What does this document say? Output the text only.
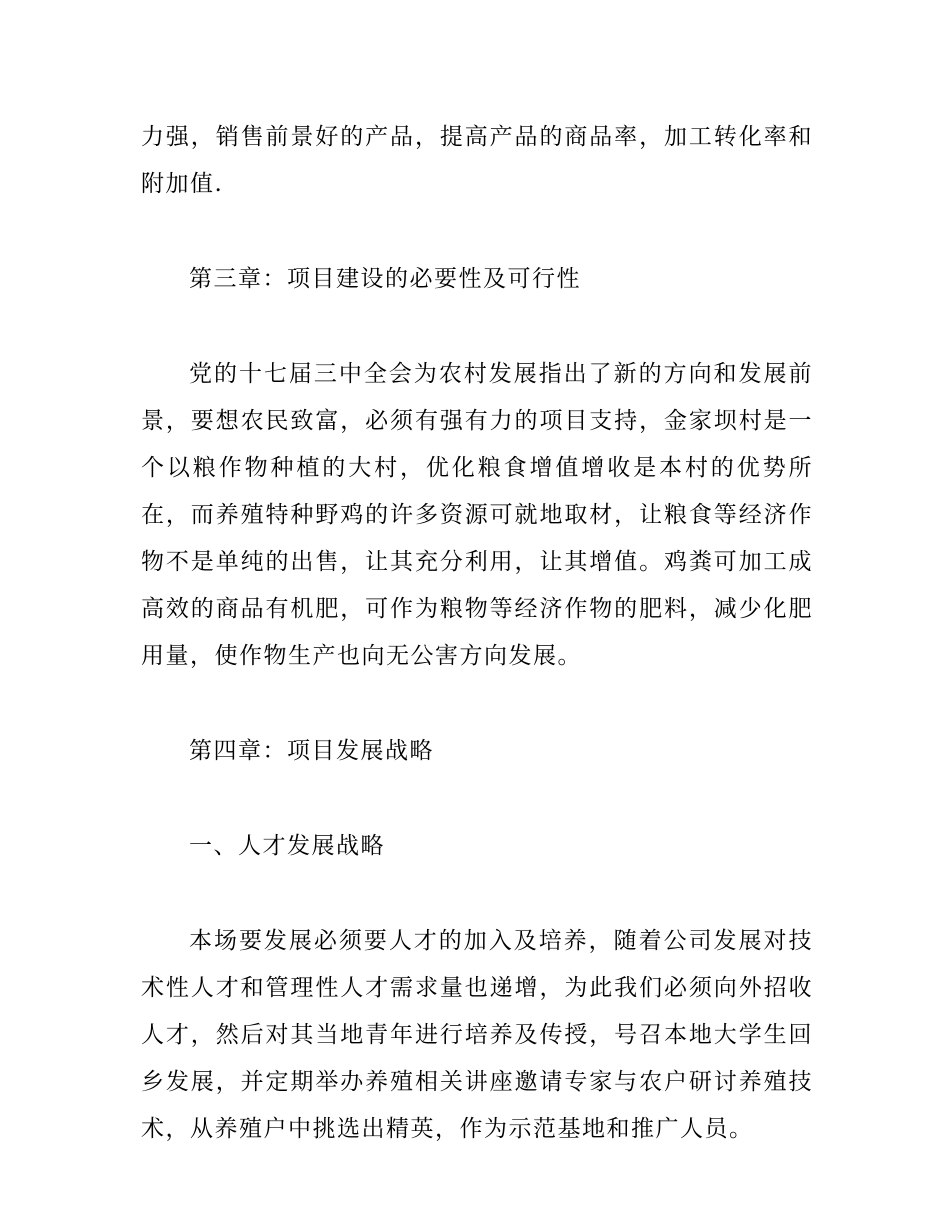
力强，销售前景好的产品，提高产品的商品率，加工转化率和附加值.

第三章：项目建设的必要性及可行性

党的十七届三中全会为农村发展指出了新的方向和发展前景，要想农民致富，必须有强有力的项目支持，金家坝村是一个以粮作物种植的大村，优化粮食增值增收是本村的优势所在，而养殖特种野鸡的许多资源可就地取材，让粮食等经济作物不是单纯的出售，让其充分利用，让其增值。鸡粪可加工成高效的商品有机肥，可作为粮物等经济作物的肥料，减少化肥用量，使作物生产也向无公害方向发展。

第四章：项目发展战略

一、人才发展战略

本场要发展必须要人才的加入及培养，随着公司发展对技术性人才和管理性人才需求量也递增，为此我们必须向外招收人才，然后对其当地青年进行培养及传授，号召本地大学生回乡发展，并定期举办养殖相关讲座邀请专家与农户研讨养殖技术，从养殖户中挑选出精英，作为示范基地和推广人员。
